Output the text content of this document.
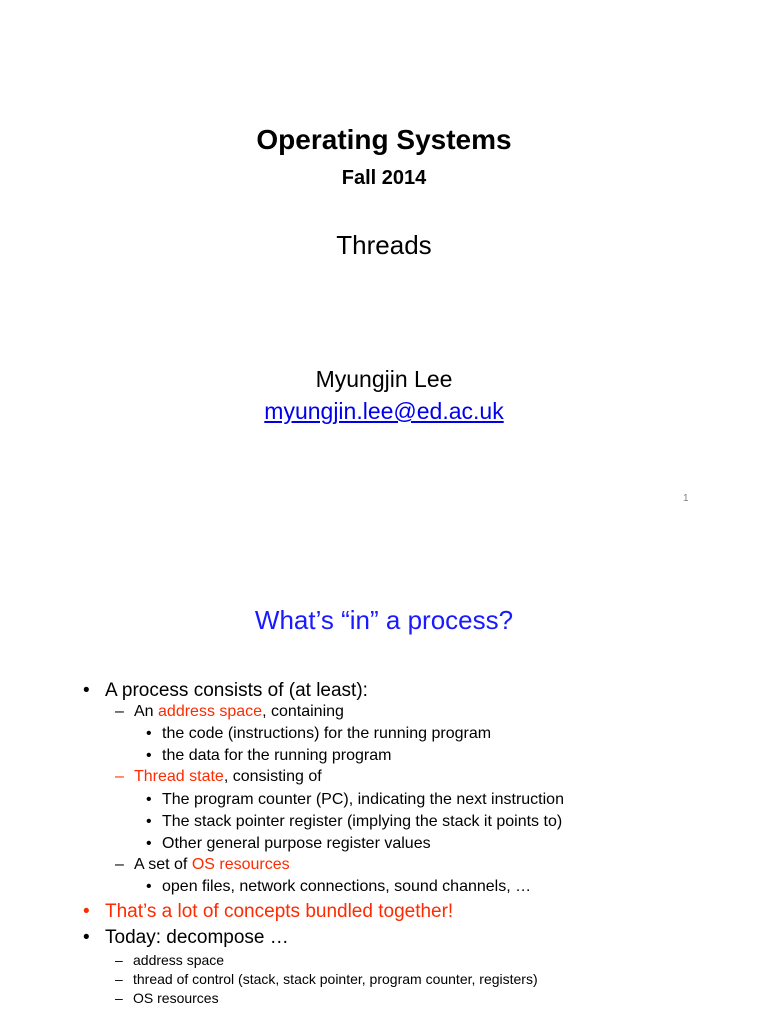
Operating Systems
Fall 2014
Threads
Myungjin Lee
myungjin.lee@ed.ac.uk
1
What’s “in” a process?
• A process consists of (at least):
– An address space, containing
• the code (instructions) for the running program
• the data for the running program
– Thread state, consisting of
• The program counter (PC), indicating the next instruction
• The stack pointer register (implying the stack it points to)
• Other general purpose register values
– A set of OS resources
• open files, network connections, sound channels, …
• That’s a lot of concepts bundled together!
• Today: decompose …
– address space
– thread of control (stack, stack pointer, program counter, registers)
– OS resources
